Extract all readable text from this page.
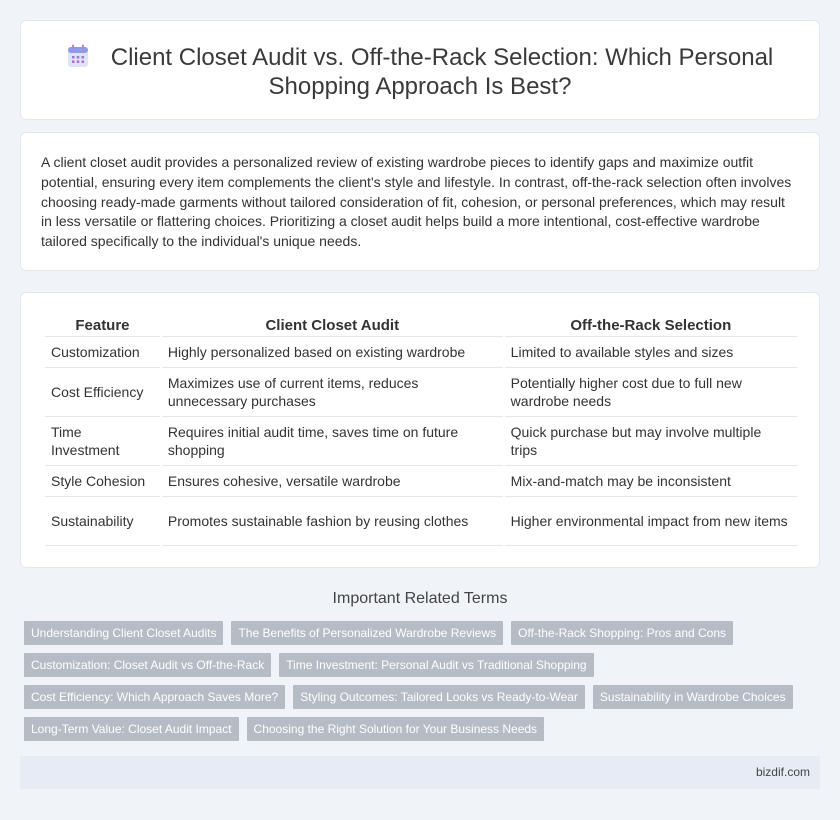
Client Closet Audit vs. Off-the-Rack Selection: Which Personal
Shopping Approach Is Best?

A client closet audit provides a personalized review of existing wardrobe pieces to identify gaps and maximize outfit potential, ensuring every item complements the client's style and lifestyle. In contrast, off-the-rack selection often involves choosing ready-made garments without tailored consideration of fit, cohesion, or personal preferences, which may result in less versatile or flattering choices. Prioritizing a closet audit helps build a more intentional, cost-effective wardrobe tailored specifically to the individual's unique needs.

Feature	Client Closet Audit	Off-the-Rack Selection
Customization	Highly personalized based on existing wardrobe	Limited to available styles and sizes
Cost Efficiency	Maximizes use of current items, reduces unnecessary purchases	Potentially higher cost due to full new wardrobe needs
Time Investment	Requires initial audit time, saves time on future shopping	Quick purchase but may involve multiple trips
Style Cohesion	Ensures cohesive, versatile wardrobe	Mix-and-match may be inconsistent
Sustainability	Promotes sustainable fashion by reusing clothes	Higher environmental impact from new items
Important Related Terms
Understanding Client Closet Audits	The Benefits of Personalized Wardrobe Reviews	Off-the-Rack Shopping: Pros and Cons
Customization: Closet Audit vs Off-the-Rack	Time Investment: Personal Audit vs Traditional Shopping
Cost Efficiency: Which Approach Saves More?	Styling Outcomes: Tailored Looks vs Ready-to-Wear	Sustainability in Wardrobe Choices
Long-Term Value: Closet Audit Impact	Choosing the Right Solution for Your Business Needs
bizdif.com
